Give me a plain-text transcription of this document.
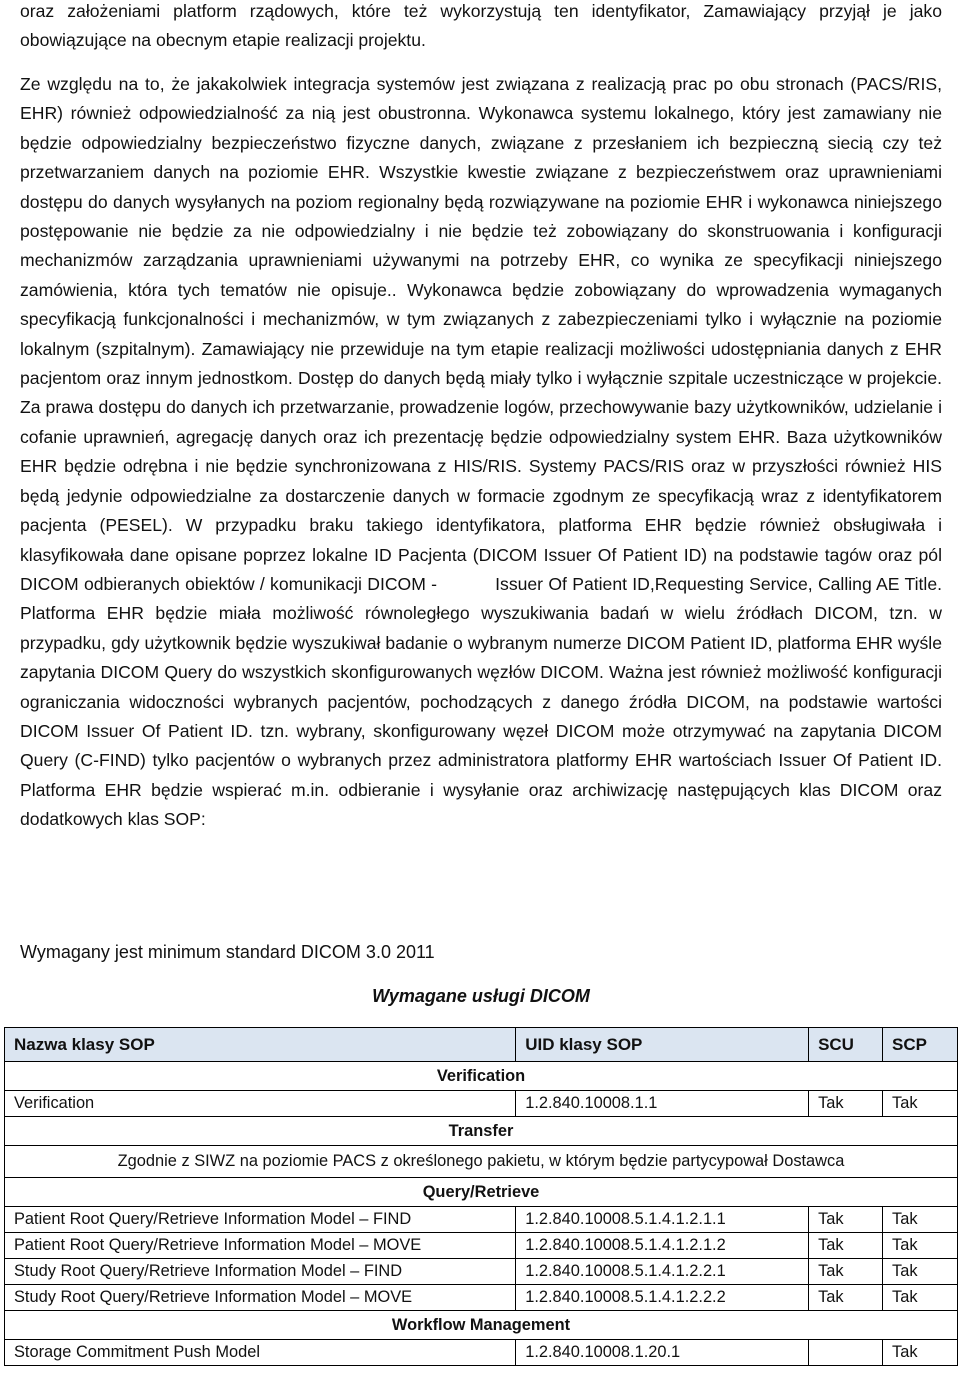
oraz założeniami platform rządowych, które też wykorzystują ten identyfikator, Zamawiający przyjął je jako obowiązujące na obecnym etapie realizacji projektu.

Ze względu na to, że jakakolwiek integracja systemów jest związana z realizacją prac po obu stronach (PACS/RIS, EHR) również odpowiedzialność za nią jest obustronna. Wykonawca systemu lokalnego, który jest zamawiany nie będzie odpowiedzialny bezpieczeństwo fizyczne danych, związane z przesłaniem ich bezpieczną siecią czy też przetwarzaniem danych na poziomie EHR. Wszystkie kwestie związane z bezpieczeństwem oraz uprawnieniami dostępu do danych wysyłanych na poziom regionalny będą rozwiązywane na poziomie EHR i wykonawca niniejszego postępowanie nie będzie za nie odpowiedzialny i nie będzie też zobowiązany do skonstruowania i konfiguracji mechanizmów zarządzania uprawnieniami używanymi na potrzeby EHR, co wynika ze specyfikacji niniejszego zamówienia, która tych tematów nie opisuje.. Wykonawca będzie zobowiązany do wprowadzenia wymaganych specyfikacją funkcjonalności i mechanizmów, w tym związanych z zabezpieczeniami tylko i wyłącznie na poziomie lokalnym (szpitalnym). Zamawiający nie przewiduje na tym etapie realizacji możliwości udostępniania danych z EHR pacjentom oraz innym jednostkom. Dostęp do danych będą miały tylko i wyłącznie szpitale uczestniczące w projekcie. Za prawa dostępu do danych ich przetwarzanie, prowadzenie logów, przechowywanie bazy użytkowników, udzielanie i cofanie uprawnień, agregację danych oraz ich prezentację będzie odpowiedzialny system EHR. Baza użytkowników EHR będzie odrębna i nie będzie synchronizowana z HIS/RIS. Systemy PACS/RIS oraz w przyszłości również HIS będą jedynie odpowiedzialne za dostarczenie danych w formacie zgodnym ze specyfikacją wraz z identyfikatorem pacjenta (PESEL). W przypadku braku takiego identyfikatora, platforma EHR będzie również obsługiwała i klasyfikowała dane opisane poprzez lokalne ID Pacjenta (DICOM Issuer Of Patient ID) na podstawie tagów oraz pól DICOM odbieranych obiektów / komunikacji DICOM -    Issuer Of Patient ID,Requesting Service, Calling AE Title. Platforma EHR będzie miała możliwość równoległego wyszukiwania badań w wielu źródłach DICOM, tzn. w przypadku, gdy użytkownik będzie wyszukiwał badanie o wybranym numerze DICOM Patient ID, platforma EHR wyśle zapytania DICOM Query do wszystkich skonfigurowanych węzłów DICOM. Ważna jest również możliwość konfiguracji ograniczania widoczności wybranych pacjentów, pochodzących z danego źródła DICOM, na podstawie wartości DICOM Issuer Of Patient ID. tzn. wybrany, skonfigurowany węzeł DICOM może otrzymywać na zapytania DICOM Query (C-FIND) tylko pacjentów o wybranych przez administratora platformy EHR wartościach Issuer Of Patient ID. Platforma EHR będzie wspierać m.in. odbieranie i wysyłanie oraz archiwizację następujących klas DICOM oraz dodatkowych klas SOP:

Wymagany jest minimum standard DICOM 3.0 2011
Wymagane usługi DICOM
Nazwa klasy SOP	UID klasy SOP	SCU	SCP
Verification			
Verification	1.2.840.10008.1.1	Tak	Tak
Transfer			
Zgodnie z SIWZ na poziomie PACS z określonego pakietu, w którym będzie partycypował Dostawca			
Query/Retrieve			
Patient Root Query/Retrieve Information Model – FIND	1.2.840.10008.5.1.4.1.2.1.1	Tak	Tak
Patient Root Query/Retrieve Information Model – MOVE	1.2.840.10008.5.1.4.1.2.1.2	Tak	Tak
Study Root Query/Retrieve Information Model – FIND	1.2.840.10008.5.1.4.1.2.2.1	Tak	Tak
Study Root Query/Retrieve Information Model – MOVE	1.2.840.10008.5.1.4.1.2.2.2	Tak	Tak
Workflow Management			
Storage Commitment Push Model	1.2.840.10008.1.20.1		Tak
